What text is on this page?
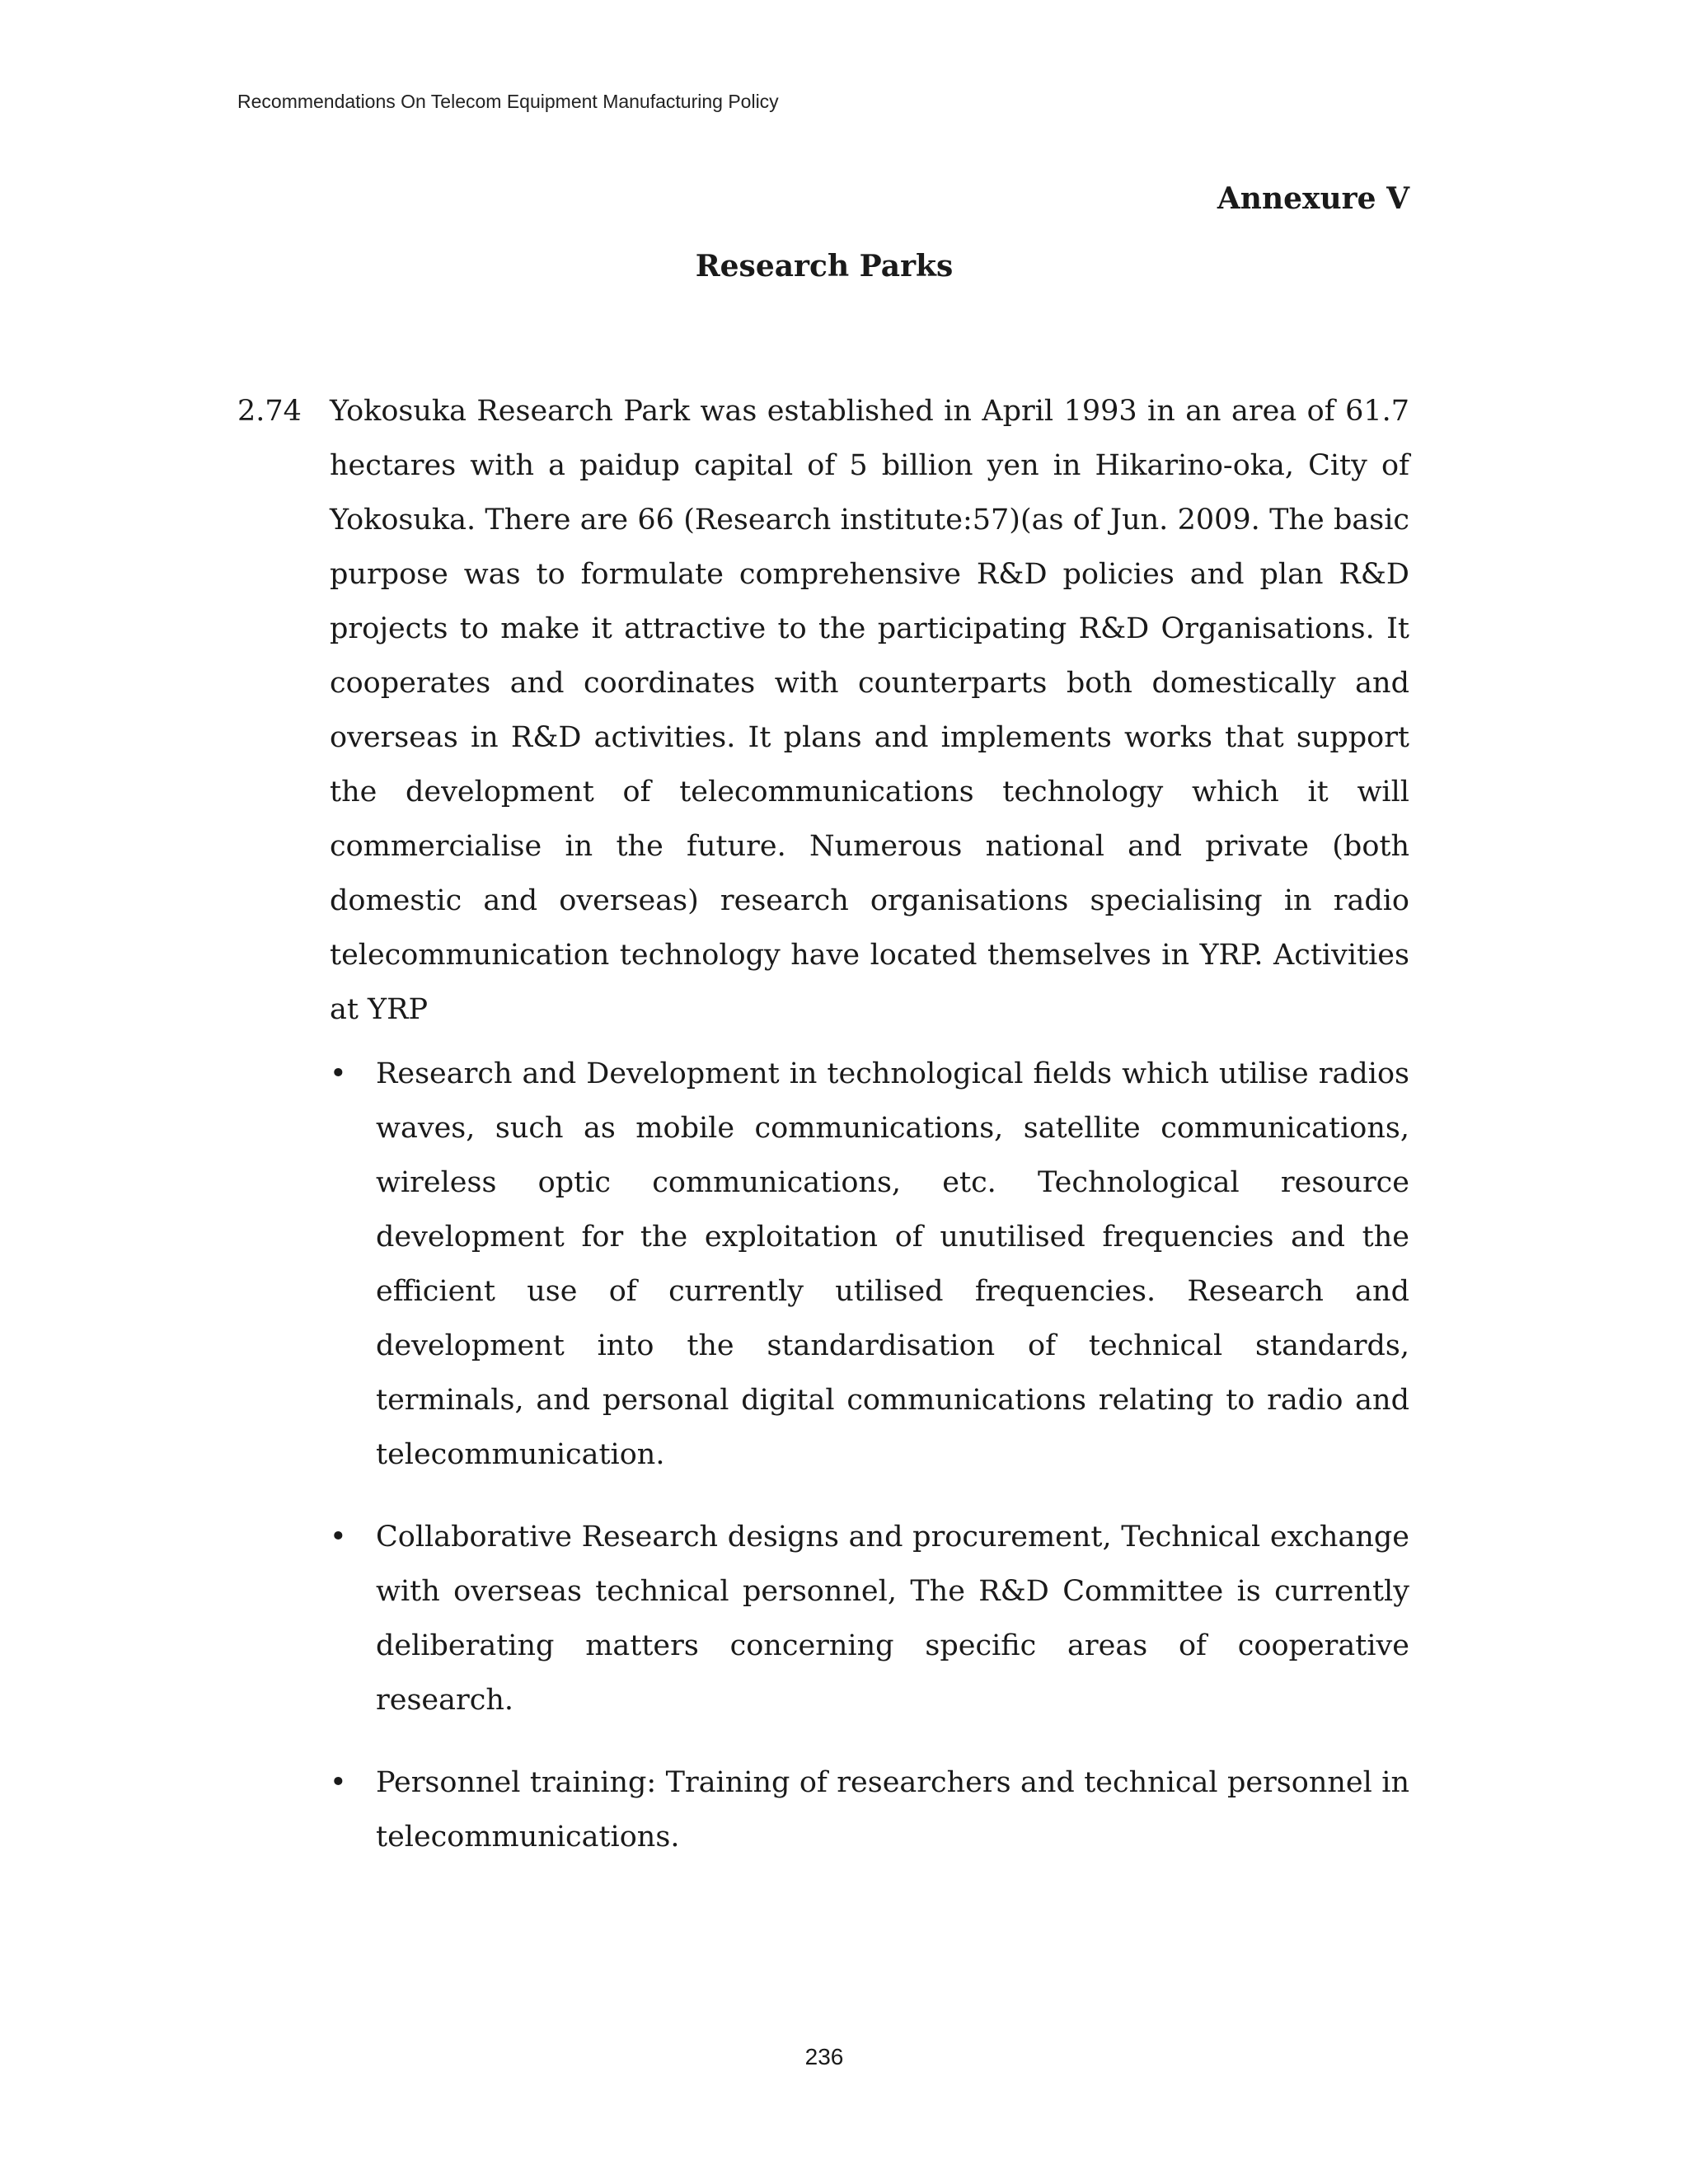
Recommendations On Telecom Equipment Manufacturing Policy
Annexure V
Research Parks
2.74 Yokosuka Research Park was established in April 1993 in an area of 61.7 hectares with a paidup capital of 5 billion yen in Hikarino-oka, City of Yokosuka. There are 66 (Research institute:57)(as of Jun. 2009. The basic purpose was to formulate comprehensive R&D policies and plan R&D projects to make it attractive to the participating R&D Organisations. It cooperates and coordinates with counterparts both domestically and overseas in R&D activities. It plans and implements works that support the development of telecommunications technology which it will commercialise in the future. Numerous national and private (both domestic and overseas) research organisations specialising in radio telecommunication technology have located themselves in YRP. Activities at YRP
• Research and Development in technological fields which utilise radios waves, such as mobile communications, satellite communications, wireless optic communications, etc. Technological resource development for the exploitation of unutilised frequencies and the efficient use of currently utilised frequencies. Research and development into the standardisation of technical standards, terminals, and personal digital communications relating to radio and telecommunication.
• Collaborative Research designs and procurement, Technical exchange with overseas technical personnel, The R&D Committee is currently deliberating matters concerning specific areas of cooperative research.
• Personnel training: Training of researchers and technical personnel in telecommunications.
236
